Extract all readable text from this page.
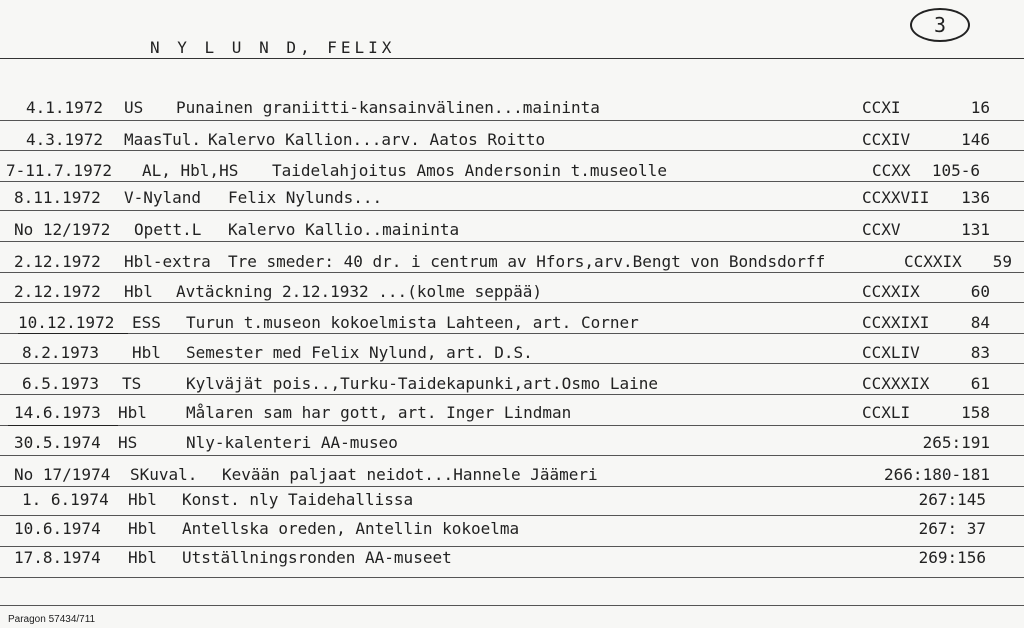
3
N Y L U N D, FELIX
4.1.1972 US Punainen graniitti-kansainvälinen...maininta	CCXI	16
4.3.1972 MaasTul. Kalervo Kallion...arv. Aatos Roitto	CCXIV	146
7-11.7.1972 AL, Hbl,HS Taidelahjoitus Amos Andersonin t.museolle	CCXX 105-6
8.11.1972 V-Nyland Felix Nylunds...	CCXXVII 136
No 12/1972 Opett.L Kalervo Kallio..maininta	CCXV	131
2.12.1972 Hbl-extra Tre smeder: 40 dr. i centrum av Hfors,arv.Bengt von Bondsdorff	CCXXIX 59
2.12.1972 Hbl Avtäckning 2.12.1932 ...(kolme seppää)	CCXXIX	60
10.12.1972 ESS Turun t.museon kokoelmista Lahteen, art. Corner	CCXXIXI	84
8.2.1973 Hbl Semester med Felix Nylund, art. D.S.	CCXLIV	83
6.5.1973 TS	Kylväjät pois..,Turku-Taidekapunki,art.Osmo Laine	CCXXXIX	61
14.6.1973 Hbl Målaren sam har gott, art. Inger Lindman	CCXLI	158
30.5.1974 HS	Nly-kalenteri AA-museo	265:191
No 17/1974 SKuval. Kevään paljaat neidot...Hannele Jäämeri	266:180-181
1. 6.1974 Hbl Konst. nly Taidehallissa	267:145
10.6.1974 Hbl Antellska oreden, Antellin kokoelma	267: 37
17.8.1974 Hbl Utställningsronden AA-museet	269:156
Paragon 57434/711
